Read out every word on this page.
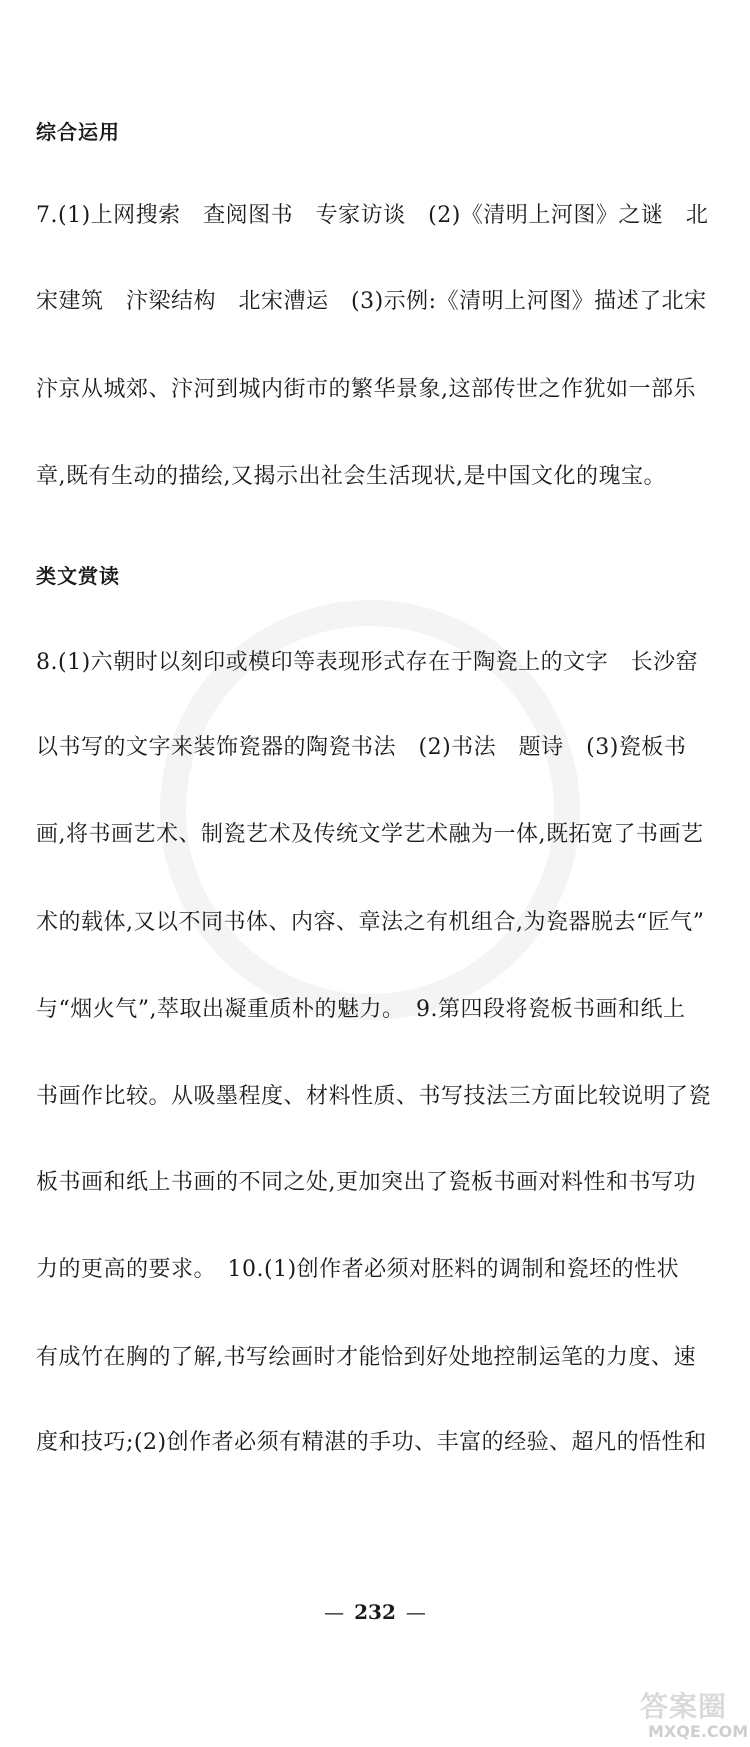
综合运用
7.(1)上网搜索　查阅图书　专家访谈　(2)《清明上河图》之谜　北
宋建筑　汴梁结构　北宋漕运　(3)示例:《清明上河图》描述了北宋
汴京从城郊、汴河到城内街市的繁华景象,这部传世之作犹如一部乐
章,既有生动的描绘,又揭示出社会生活现状,是中国文化的瑰宝。
类文赏读
8.(1)六朝时以刻印或模印等表现形式存在于陶瓷上的文字　长沙窑
以书写的文字来装饰瓷器的陶瓷书法　(2)书法　题诗　(3)瓷板书
画,将书画艺术、制瓷艺术及传统文学艺术融为一体,既拓宽了书画艺
术的载体,又以不同书体、内容、章法之有机组合,为瓷器脱去“匠气”
与“烟火气”,萃取出凝重质朴的魅力。　9.第四段将瓷板书画和纸上
书画作比较。从吸墨程度、材料性质、书写技法三方面比较说明了瓷
板书画和纸上书画的不同之处,更加突出了瓷板书画对料性和书写功
力的更高的要求。　10.(1)创作者必须对胚料的调制和瓷坯的性状
有成竹在胸的了解,书写绘画时才能恰到好处地控制运笔的力度、速
度和技巧;(2)创作者必须有精湛的手功、丰富的经验、超凡的悟性和
— 232 —
答案圈
MXQE.COM
